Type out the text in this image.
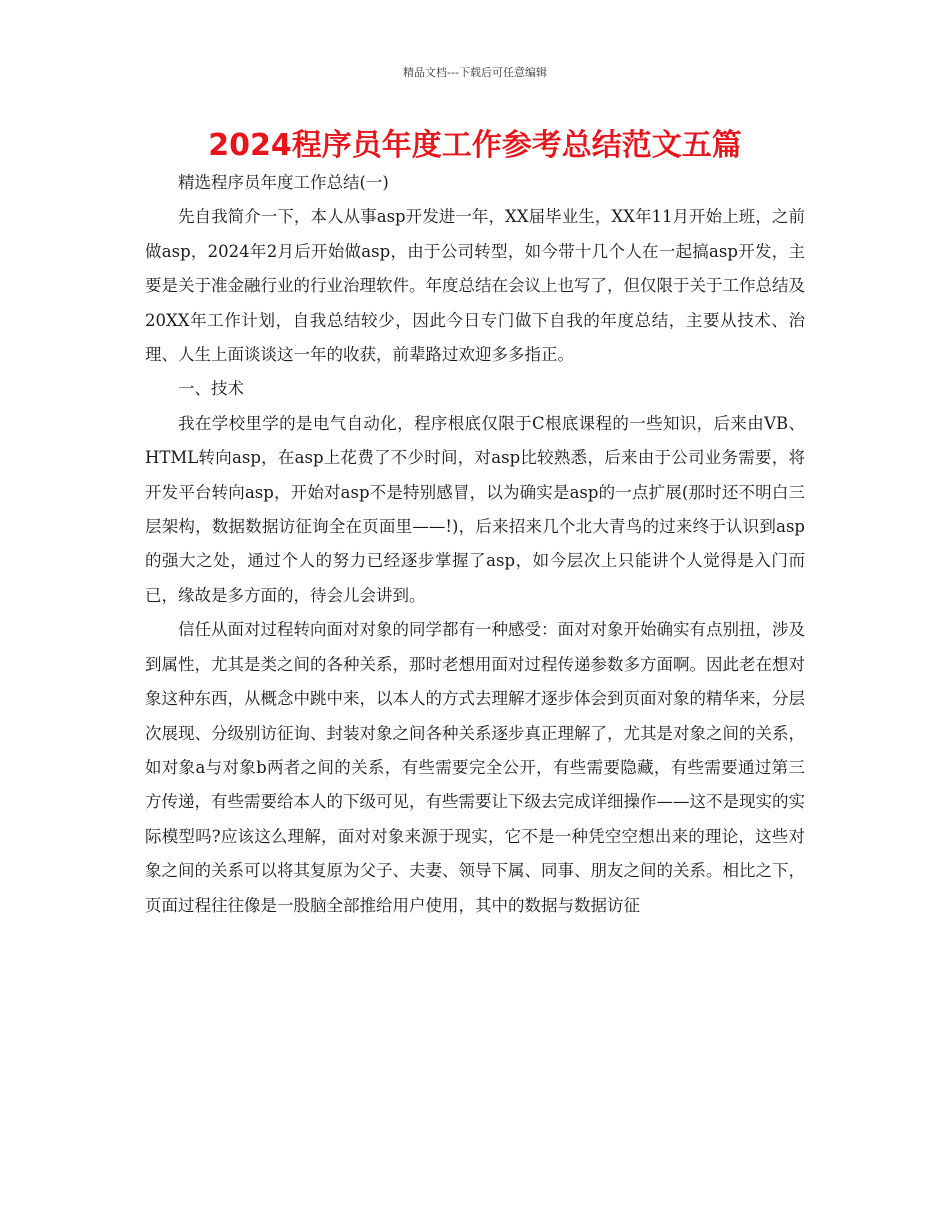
精品文档---下载后可任意编辑
2024程序员年度工作参考总结范文五篇

精选程序员年度工作总结(一)

先自我简介一下，本人从事asp开发进一年，XX届毕业生，XX年11月开始上班，之前做asp，2024年2月后开始做asp，由于公司转型，如今带十几个人在一起搞asp开发，主要是关于准金融行业的行业治理软件。年度总结在会议上也写了，但仅限于关于工作总结及20XX年工作计划，自我总结较少，因此今日专门做下自我的年度总结，主要从技术、治理、人生上面谈谈这一年的收获，前辈路过欢迎多多指正。

一、技术

我在学校里学的是电气自动化，程序根底仅限于C根底课程的一些知识，后来由VB、HTML转向asp，在asp上花费了不少时间，对asp比较熟悉，后来由于公司业务需要，将开发平台转向asp，开始对asp不是特别感冒，以为确实是asp的一点扩展(那时还不明白三层架构，数据数据访征询全在页面里——!)，后来招来几个北大青鸟的过来终于认识到asp的强大之处，通过个人的努力已经逐步掌握了asp，如今层次上只能讲个人觉得是入门而已，缘故是多方面的，待会儿会讲到。

信任从面对过程转向面对对象的同学都有一种感受：面对对象开始确实有点别扭，涉及到属性，尤其是类之间的各种关系，那时老想用面对过程传递参数多方面啊。因此老在想对象这种东西，从概念中跳中来，以本人的方式去理解才逐步体会到页面对象的精华来，分层次展现、分级别访征询、封装对象之间各种关系逐步真正理解了，尤其是对象之间的关系，如对象a与对象b两者之间的关系，有些需要完全公开，有些需要隐藏，有些需要通过第三方传递，有些需要给本人的下级可见，有些需要让下级去完成详细操作——这不是现实的实际模型吗?应该这么理解，面对对象来源于现实，它不是一种凭空空想出来的理论，这些对象之间的关系可以将其复原为父子、夫妻、领导下属、同事、朋友之间的关系。相比之下，页面过程往往像是一股脑全部推给用户使用，其中的数据与数据访征
